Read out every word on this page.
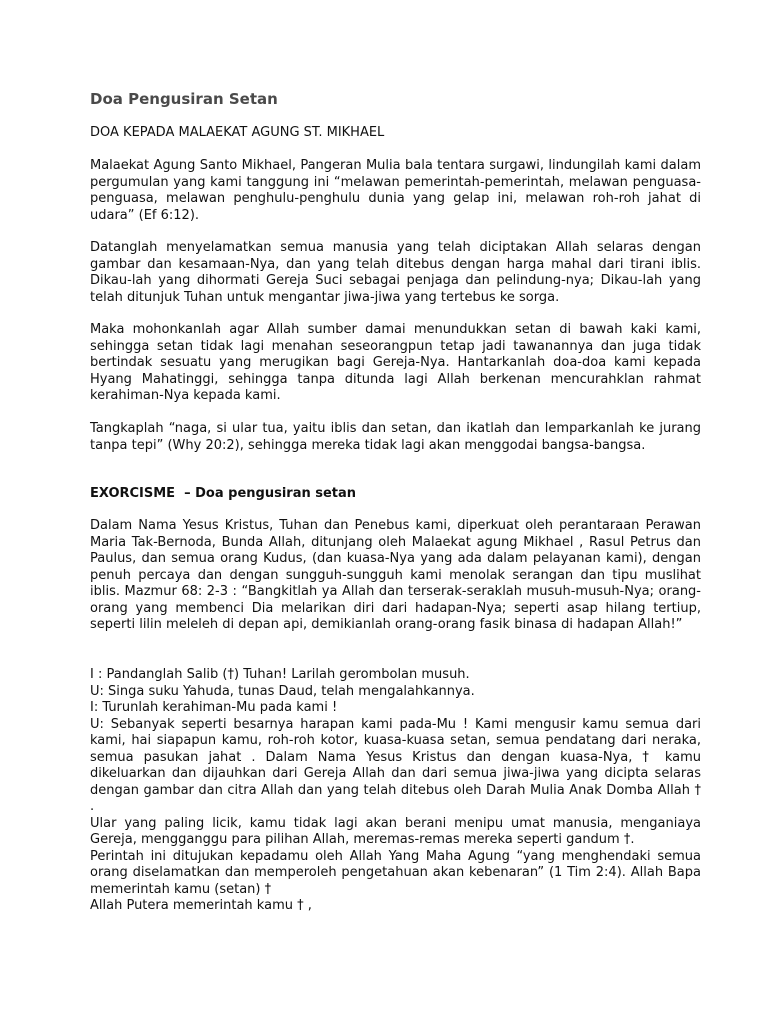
Doa Pengusiran Setan

DOA KEPADA MALAEKAT AGUNG ST. MIKHAEL

Malaekat Agung Santo Mikhael, Pangeran Mulia bala tentara surgawi, lindungilah kami dalam pergumulan yang kami tanggung ini “melawan pemerintah-pemerintah, melawan penguasa-penguasa, melawan penghulu-penghulu dunia yang gelap ini, melawan roh-roh jahat di udara” (Ef 6:12).

Datanglah menyelamatkan semua manusia yang telah diciptakan Allah selaras dengan gambar dan kesamaan-Nya, dan yang telah ditebus dengan harga mahal dari tirani iblis. Dikau-lah yang dihormati Gereja Suci sebagai penjaga dan pelindung-nya; Dikau-lah yang telah ditunjuk Tuhan untuk mengantar jiwa-jiwa yang tertebus ke sorga.

Maka mohonkanlah agar Allah sumber damai menundukkan setan di bawah kaki kami, sehingga setan tidak lagi menahan seseorangpun tetap jadi tawanannya dan juga tidak bertindak sesuatu yang merugikan bagi Gereja-Nya. Hantarkanlah doa-doa kami kepada Hyang Mahatinggi, sehingga tanpa ditunda lagi Allah berkenan mencurahklan rahmat kerahiman-Nya kepada kami.

Tangkaplah “naga, si ular tua, yaitu iblis dan setan, dan ikatlah dan lemparkanlah ke jurang tanpa tepi” (Why 20:2), sehingga mereka tidak lagi akan menggodai bangsa-bangsa.

EXORCISME  – Doa pengusiran setan

Dalam Nama Yesus Kristus, Tuhan dan Penebus kami, diperkuat oleh perantaraan Perawan Maria Tak-Bernoda, Bunda Allah, ditunjang oleh Malaekat agung Mikhael , Rasul Petrus dan Paulus, dan semua orang Kudus, (dan kuasa-Nya yang ada dalam pelayanan kami), dengan penuh percaya dan dengan sungguh-sungguh kami menolak serangan dan tipu muslihat iblis. Mazmur 68: 2-3 : “Bangkitlah ya Allah dan terserak-seraklah musuh-musuh-Nya; orang-orang yang membenci Dia melarikan diri dari hadapan-Nya; seperti asap hilang tertiup, seperti lilin meleleh di depan api, demikianlah orang-orang fasik binasa di hadapan Allah!”

I : Pandanglah Salib (†) Tuhan! Larilah gerombolan musuh.
U: Singa suku Yahuda, tunas Daud, telah mengalahkannya.
I: Turunlah kerahiman-Mu pada kami !
U: Sebanyak seperti besarnya harapan kami pada-Mu ! Kami mengusir kamu semua dari kami, hai siapapun kamu, roh-roh kotor, kuasa-kuasa setan, semua pendatang dari neraka, semua pasukan jahat . Dalam Nama Yesus Kristus dan dengan kuasa-Nya, † kamu dikeluarkan dan dijauhkan dari Gereja Allah dan dari semua jiwa-jiwa yang dicipta selaras dengan gambar dan citra Allah dan yang telah ditebus oleh Darah Mulia Anak Domba Allah † .
Ular yang paling licik, kamu tidak lagi akan berani menipu umat manusia, menganiaya Gereja, mengganggu para pilihan Allah, meremas-remas mereka seperti gandum †.
Perintah ini ditujukan kepadamu oleh Allah Yang Maha Agung “yang menghendaki semua orang diselamatkan dan memperoleh pengetahuan akan kebenaran” (1 Tim 2:4). Allah Bapa memerintah kamu (setan) †
Allah Putera memerintah kamu † ,
